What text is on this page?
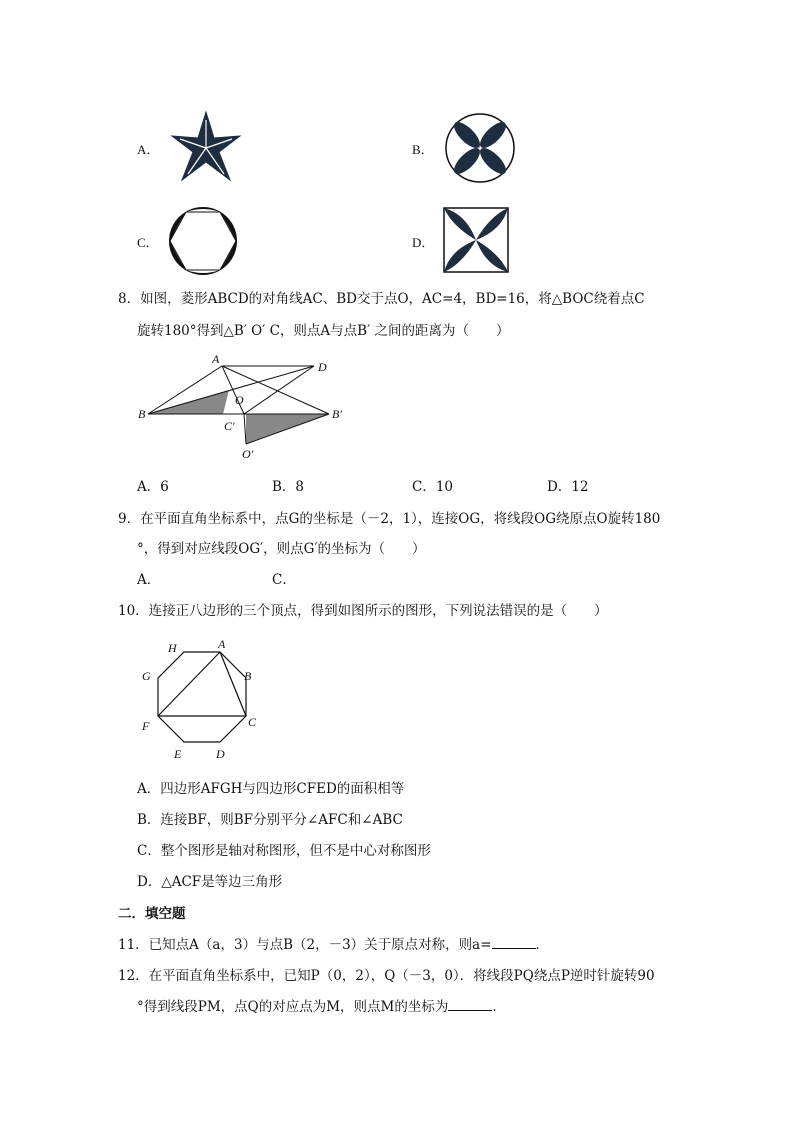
A．	B．
C．	D．
8．如图，菱形ABCD的对角线AC、BD交于点O，AC=4，BD=16，将△BOC绕着点C
旋转180°得到△B′ O′ C，则点A与点B′ 之间的距离为（　　）
A
D
B
O
C′
B′
O′
A．6	B．8	C．10	D．12
9．在平面直角坐标系中，点G的坐标是（－2，1），连接OG，将线段OG绕原点O旋转180
°，得到对应线段OG′，则点G′的坐标为（　　）
A．	C．
10．连接正八边形的三个顶点，得到如图所示的图形，下列说法错误的是（　　）
H	A
B
C
D
E
F
G
A．四边形AFGH与四边形CFED的面积相等
B．连接BF，则BF分别平分∠AFC和∠ABC
C．整个图形是轴对称图形，但不是中心对称图形
D．△ACF是等边三角形
二．填空题
11．已知点A（a，3）与点B（2，－3）关于原点对称，则a=	．
12．在平面直角坐标系中，已知P（0，2），Q（－3，0）．将线段PQ绕点P逆时针旋转90
°得到线段PM，点Q的对应点为M，则点M的坐标为	．
